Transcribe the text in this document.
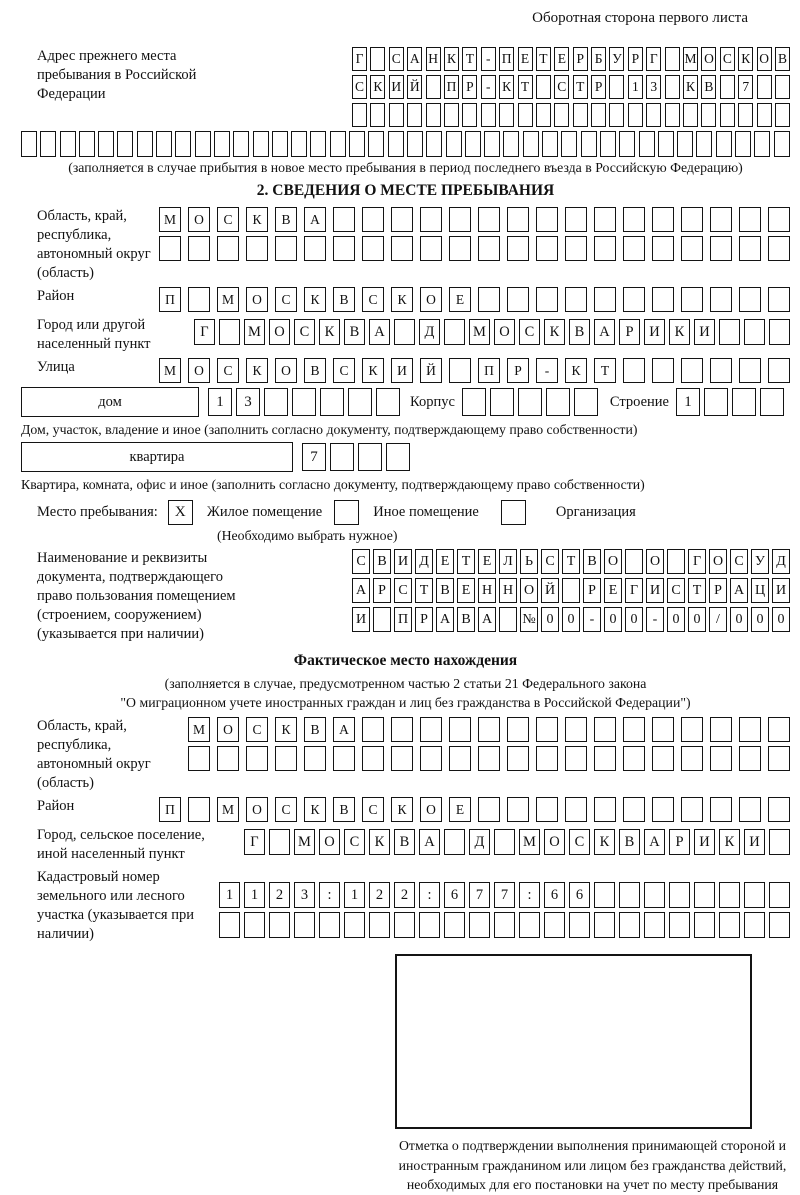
Оборотная сторона первого листа
Адрес прежнего места пребывания в Российской Федерации
Г С А Н К Т - П Е Т Е Р Б У Р Г М О С К О В
С К И Й П Р - К Т С Т Р	1 3	К В	7
(заполняется в случае прибытия в новое место пребывания в период последнего въезда в Российскую Федерацию)
2. СВЕДЕНИЯ О МЕСТЕ ПРЕБЫВАНИЯ
Область, край, республика, автономный округ (область)
М	О	С	К	В	А
Район	П	М	О	С	К	В	С	К	О	Е
Город или другой населенный пункт
Г	М О	С	К	В	А	Д	М О	С	К	В	А	Р	И	К	И
Улица	М	О	С	К	О	В	С	К	И	Й	П	Р	-	К	Т
дом	1	3	Корпус	Строение	1
Дом, участок, владение и иное (заполнить согласно документу, подтверждающему право собственности)
квартира	7
Квартира, комната, офис и иное (заполнить согласно документу, подтверждающему право собственности)
Место пребывания:	X	Жилое помещение	Иное помещение	Организация
(Необходимо выбрать нужное)
Наименование и реквизиты документа, подтверждающего право пользования помещением (строением, сооружением) (указывается при наличии)
С В И Д Е Т Е Л Ь С Т В О О	Г О С У Д
А Р С Т В Е Н Н О Й	Р Е Г И С Т Р А Ц И
И П Р А В А № 0	0	-	0	0	-	0	0	/	0	0	0
Фактическое место нахождения
(заполняется в случае, предусмотренном частью 2 статьи 21 Федерального закона
"О миграционном учете иностранных граждан и лиц без гражданства в Российской Федерации")
Область, край, республика, автономный округ (область)
М	О	С	К	В	А
Район	П	М	О	С	К	В	С	К	О	Е
Город, сельское поселение, иной населенный пункт
Г	М О	С	К	В	А	Д	М О	С	К	В	А	Р	И	К	И
Кадастровый номер земельного или лесного участка (указывается при наличии)
1	1	2	3	:	1	2	2	:	6	7	7	:	6	6
Отметка о подтверждении выполнения принимающей стороной и иностранным гражданином или лицом без гражданства действий, необходимых для его постановки на учет по месту пребывания
